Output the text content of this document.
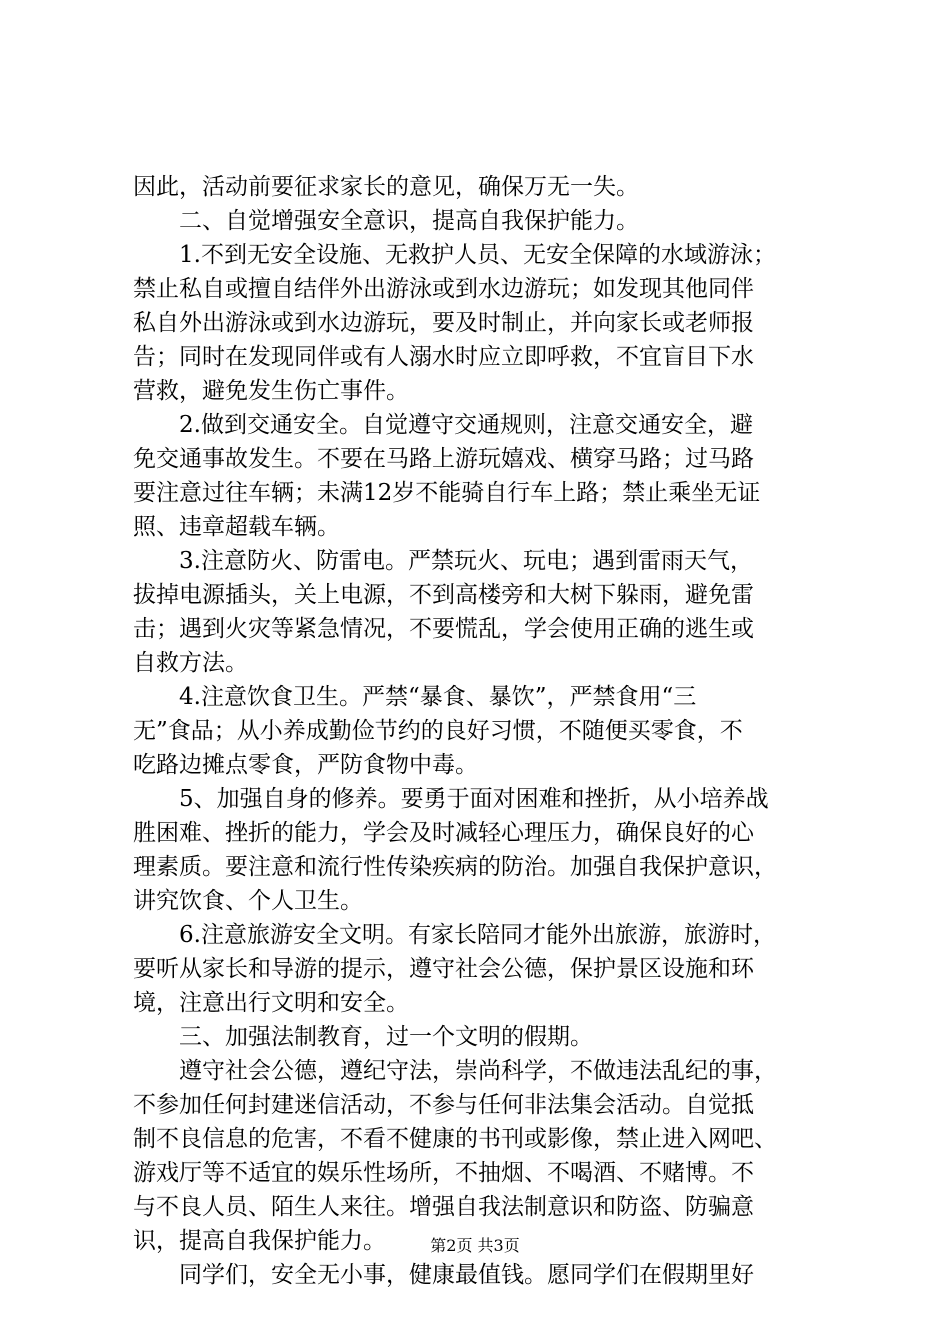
因此，活动前要征求家长的意见，确保万无一失。
二、自觉增强安全意识，提高自我保护能力。
1.不到无安全设施、无救护人员、无安全保障的水域游泳；
禁止私自或擅自结伴外出游泳或到水边游玩；如发现其他同伴
私自外出游泳或到水边游玩，要及时制止，并向家长或老师报
告；同时在发现同伴或有人溺水时应立即呼救，不宜盲目下水
营救，避免发生伤亡事件。
2.做到交通安全。自觉遵守交通规则，注意交通安全，避
免交通事故发生。不要在马路上游玩嬉戏、横穿马路；过马路
要注意过往车辆；未满12岁不能骑自行车上路；禁止乘坐无证
照、违章超载车辆。
3.注意防火、防雷电。严禁玩火、玩电；遇到雷雨天气，
拔掉电源插头，关上电源，不到高楼旁和大树下躲雨，避免雷
击；遇到火灾等紧急情况，不要慌乱，学会使用正确的逃生或
自救方法。
4.注意饮食卫生。严禁“暴食、暴饮”，严禁食用“三
无”食品；从小养成勤俭节约的良好习惯，不随便买零食，不
吃路边摊点零食，严防食物中毒。
5、加强自身的修养。要勇于面对困难和挫折，从小培养战
胜困难、挫折的能力，学会及时减轻心理压力，确保良好的心
理素质。要注意和流行性传染疾病的防治。加强自我保护意识，
讲究饮食、个人卫生。
6.注意旅游安全文明。有家长陪同才能外出旅游，旅游时，
要听从家长和导游的提示，遵守社会公德，保护景区设施和环
境，注意出行文明和安全。
三、加强法制教育，过一个文明的假期。
遵守社会公德，遵纪守法，崇尚科学，不做违法乱纪的事，
不参加任何封建迷信活动，不参与任何非法集会活动。自觉抵
制不良信息的危害，不看不健康的书刊或影像，禁止进入网吧、
游戏厅等不适宜的娱乐性场所，不抽烟、不喝酒、不赌博。不
与不良人员、陌生人来往。增强自我法制意识和防盗、防骗意
识，提高自我保护能力。
同学们，安全无小事，健康最值钱。愿同学们在假期里好
第2页 共3页
